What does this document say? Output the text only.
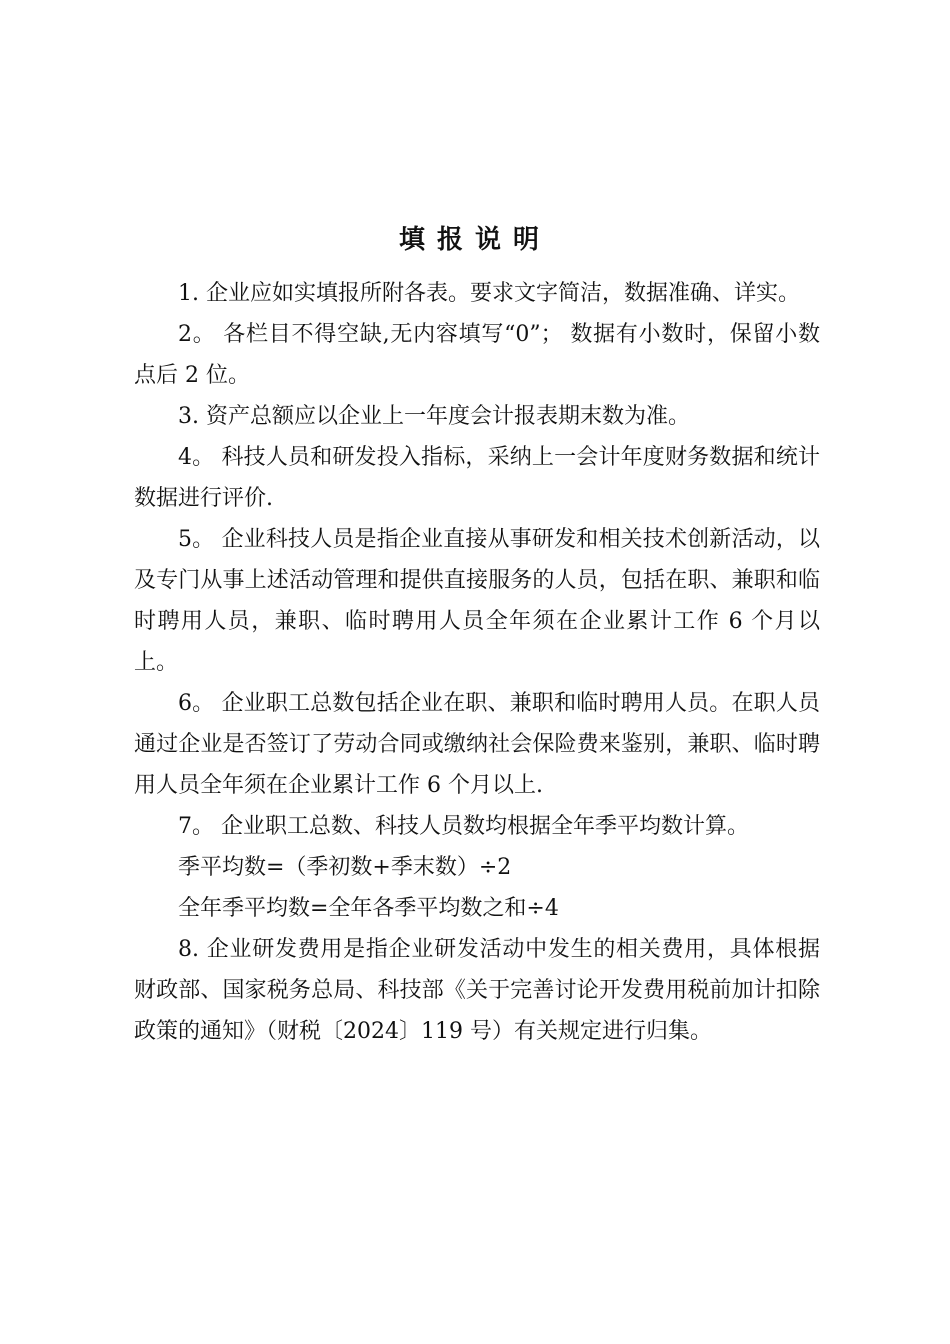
填报说明

1. 企业应如实填报所附各表。要求文字简洁，数据准确、详实。

2。 各栏目不得空缺,无内容填写“0”； 数据有小数时，保留小数点后 2 位。

3. 资产总额应以企业上一年度会计报表期末数为准。

4。 科技人员和研发投入指标，采纳上一会计年度财务数据和统计数据进行评价.

5。 企业科技人员是指企业直接从事研发和相关技术创新活动，以及专门从事上述活动管理和提供直接服务的人员，包括在职、兼职和临时聘用人员，兼职、临时聘用人员全年须在企业累计工作 6 个月以上。

6。 企业职工总数包括企业在职、兼职和临时聘用人员。在职人员通过企业是否签订了劳动合同或缴纳社会保险费来鉴别，兼职、临时聘用人员全年须在企业累计工作 6 个月以上.

7。 企业职工总数、科技人员数均根据全年季平均数计算。

季平均数=（季初数+季末数）÷2

全年季平均数=全年各季平均数之和÷4

8. 企业研发费用是指企业研发活动中发生的相关费用，具体根据财政部、国家税务总局、科技部《关于完善讨论开发费用税前加计扣除政策的通知》（财税〔2024〕119 号）有关规定进行归集。
